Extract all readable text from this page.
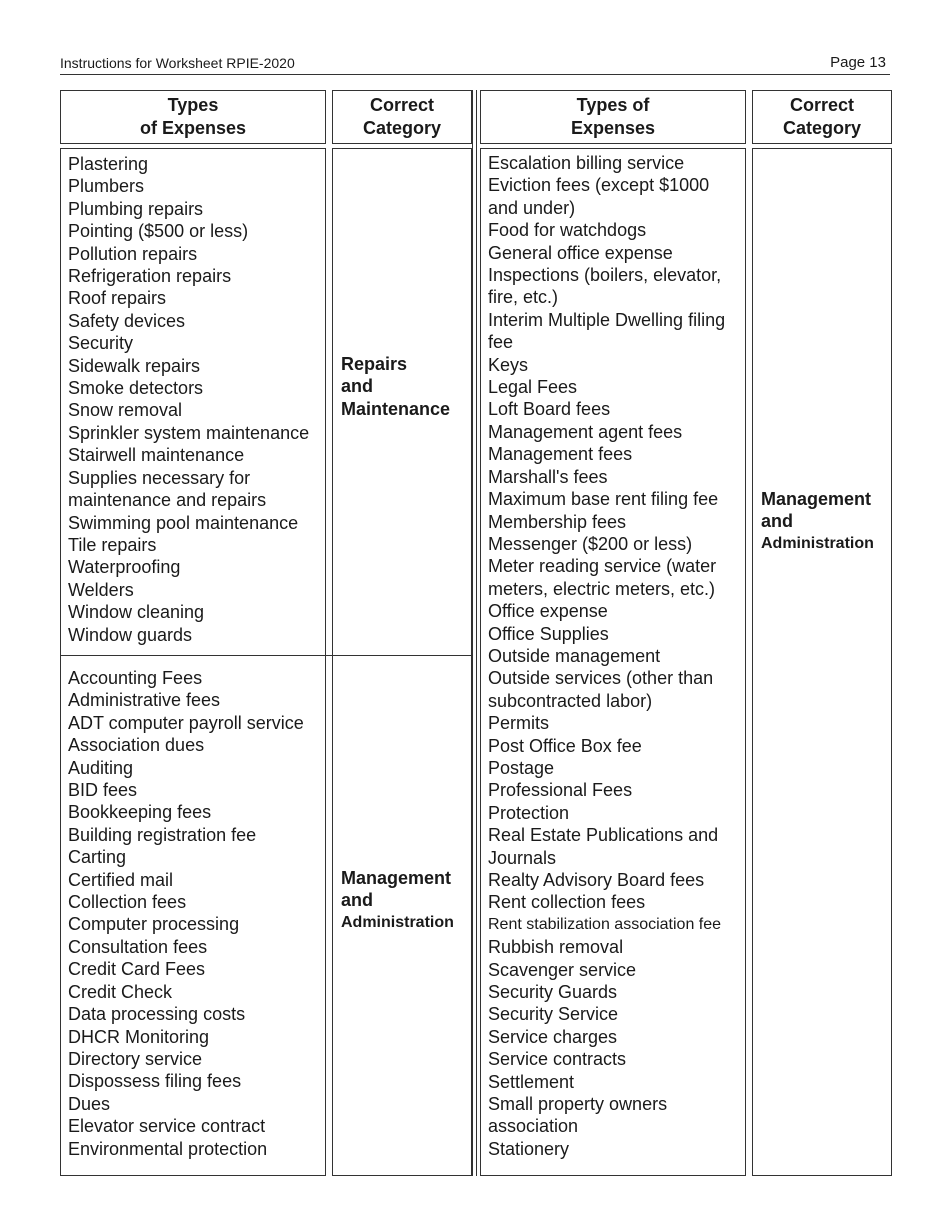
Instructions for Worksheet RPIE-2020	Page 13
Types
of Expenses
Correct
Category
Types of
Expenses
Correct
Category
Plastering
Plumbers
Plumbing repairs
Pointing ($500 or less)
Pollution repairs
Refrigeration repairs
Roof repairs
Safety devices
Security
Sidewalk repairs
Smoke detectors
Snow removal
Sprinkler system maintenance
Stairwell maintenance
Supplies necessary for
maintenance and repairs
Swimming pool maintenance
Tile repairs
Waterproofing
Welders
Window cleaning
Window guards
Accounting Fees
Administrative fees
ADT computer payroll service
Association dues
Auditing
BID fees
Bookkeeping fees
Building registration fee
Carting
Certified mail
Collection fees
Computer processing
Consultation fees
Credit Card Fees
Credit Check
Data processing costs
DHCR Monitoring
Directory service
Dispossess filing fees
Dues
Elevator service contract
Environmental protection
Repairs
and
Maintenance
Management
and
Administration
Escalation billing service
Eviction fees (except $1000
and under)
Food for watchdogs
General office expense
Inspections (boilers, elevator,
fire, etc.)
Interim Multiple Dwelling filing
fee
Keys
Legal Fees
Loft Board fees
Management agent fees
Management fees
Marshall's fees
Maximum base rent filing fee
Membership fees
Messenger ($200 or less)
Meter reading service (water
meters, electric meters, etc.)
Office expense
Office Supplies
Outside management
Outside services (other than
subcontracted labor)
Permits
Post Office Box fee
Postage
Professional Fees
Protection
Real Estate Publications and
Journals
Realty Advisory Board fees
Rent collection fees
Rent stabilization association fee
Rubbish removal
Scavenger service
Security Guards
Security Service
Service charges
Service contracts
Settlement
Small property owners
association
Stationery
Management
and
Administration
